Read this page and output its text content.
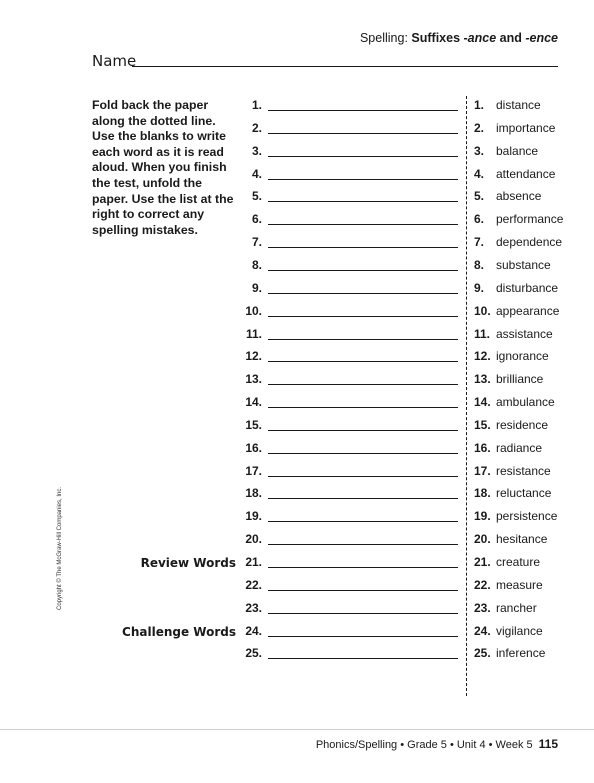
Spelling: Suffixes -ance and -ence
Name
Fold back the paper along the dotted line. Use the blanks to write each word as it is read aloud. When you finish the test, unfold the paper. Use the list at the right to correct any spelling mistakes.
Review Words
Challenge Words
1.
2.
3.
4.
5.
6.
7.
8.
9.
10.
11.
12.
13.
14.
15.
16.
17.
18.
19.
20.
21.
22.
23.
24.
25.
1. distance
2. importance
3. balance
4. attendance
5. absence
6. performance
7. dependence
8. substance
9. disturbance
10. appearance
11. assistance
12. ignorance
13. brilliance
14. ambulance
15. residence
16. radiance
17. resistance
18. reluctance
19. persistence
20. hesitance
21. creature
22. measure
23. rancher
24. vigilance
25. inference
Copyright © The McGraw-Hill Companies, Inc.
Phonics/Spelling • Grade 5 • Unit 4 • Week 5 115
